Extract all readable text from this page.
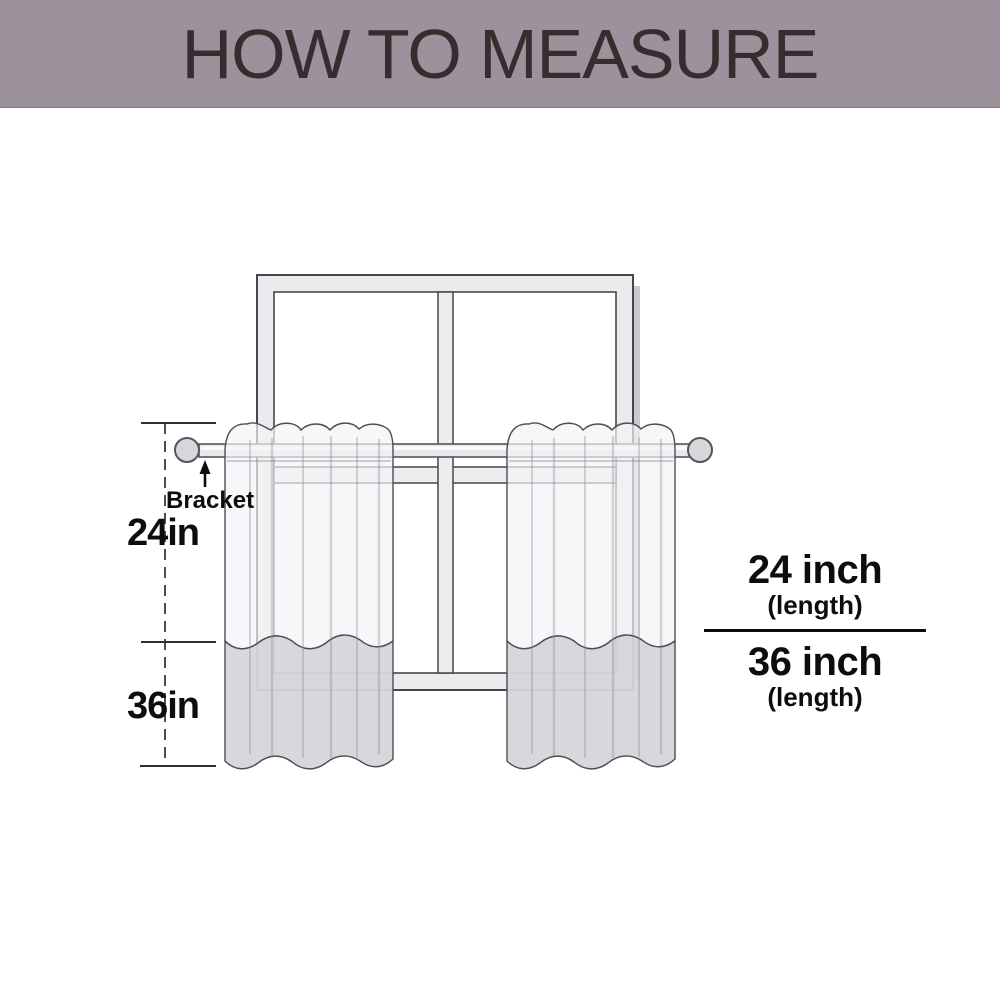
HOW TO MEASURE
Bracket
24in
36in
24 inch
(length)
36 inch
(length)
